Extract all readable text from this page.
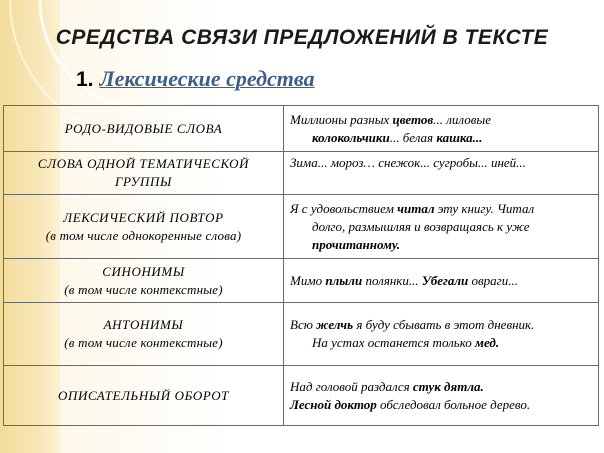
СРЕДСТВА СВЯЗИ ПРЕДЛОЖЕНИЙ В ТЕКСТЕ
1. Лексические средства
РОДО-ВИДОВЫЕ СЛОВА	Миллионы разных цветов... лиловые
колокольчики... белая кашка...

СЛОВА ОДНОЙ ТЕМАТИЧЕСКОЙ ГРУППЫ	Зима... мороз… снежок... сугробы... иней...

ЛЕКСИЧЕСКИЙ ПОВТОР
(в том числе однокоренные слова)	Я с удовольствием читал эту книгу. Читал
долго, размышляя и возвращаясь к уже
прочитанному.

СИНОНИМЫ
(в том числе контекстные)	Мимо плыли полянки... Убегали овраги...

АНТОНИМЫ
(в том числе контекстные)	Всю желчь я буду сбывать в этот дневник.
На устах останется только мед.

ОПИСАТЕЛЬНЫЙ ОБОРОТ	Над головой раздался стук дятла.
Лесной доктор обследовал больное дерево.
